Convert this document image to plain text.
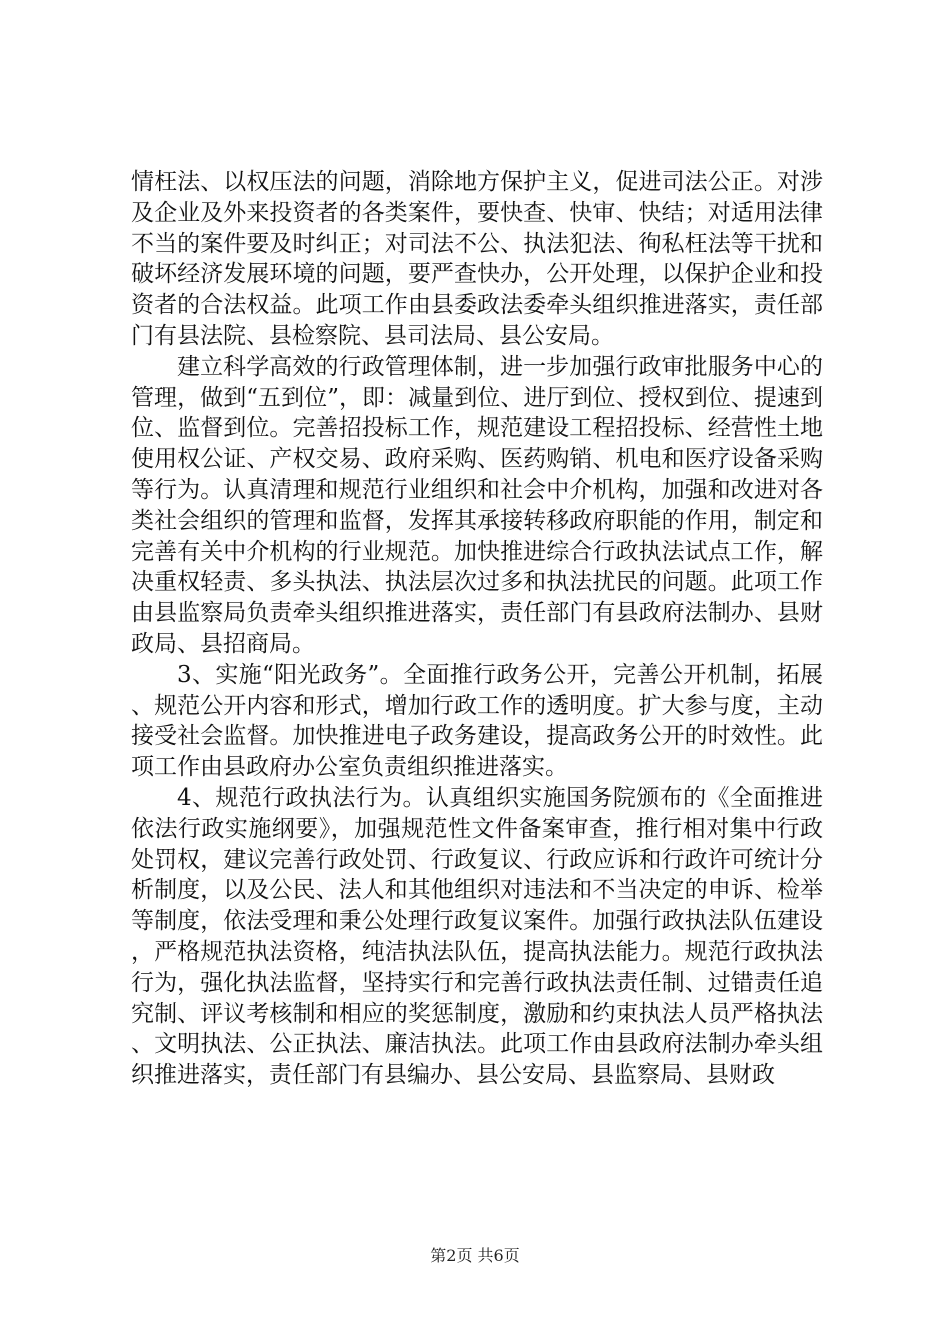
情枉法、以权压法的问题，消除地方保护主义，促进司法公正。对涉及企业及外来投资者的各类案件，要快查、快审、快结；对适用法律不当的案件要及时纠正；对司法不公、执法犯法、徇私枉法等干扰和破坏经济发展环境的问题，要严查快办，公开处理，以保护企业和投资者的合法权益。此项工作由县委政法委牵头组织推进落实，责任部门有县法院、县检察院、县司法局、县公安局。

建立科学高效的行政管理体制，进一步加强行政审批服务中心的管理，做到“五到位”，即：减量到位、进厅到位、授权到位、提速到位、监督到位。完善招投标工作，规范建设工程招投标、经营性土地使用权公证、产权交易、政府采购、医药购销、机电和医疗设备采购等行为。认真清理和规范行业组织和社会中介机构，加强和改进对各类社会组织的管理和监督，发挥其承接转移政府职能的作用，制定和完善有关中介机构的行业规范。加快推进综合行政执法试点工作，解决重权轻责、多头执法、执法层次过多和执法扰民的问题。此项工作由县监察局负责牵头组织推进落实，责任部门有县政府法制办、县财政局、县招商局。

3、实施“阳光政务”。全面推行政务公开，完善公开机制，拓展、规范公开内容和形式，增加行政工作的透明度。扩大参与度，主动接受社会监督。加快推进电子政务建设，提高政务公开的时效性。此项工作由县政府办公室负责组织推进落实。

4、规范行政执法行为。认真组织实施国务院颁布的《全面推进依法行政实施纲要》，加强规范性文件备案审查，推行相对集中行政处罚权，建议完善行政处罚、行政复议、行政应诉和行政许可统计分析制度，以及公民、法人和其他组织对违法和不当决定的申诉、检举等制度，依法受理和秉公处理行政复议案件。加强行政执法队伍建设，严格规范执法资格，纯洁执法队伍，提高执法能力。规范行政执法行为，强化执法监督，坚持实行和完善行政执法责任制、过错责任追究制、评议考核制和相应的奖惩制度，激励和约束执法人员严格执法、文明执法、公正执法、廉洁执法。此项工作由县政府法制办牵头组织推进落实，责任部门有县编办、县公安局、县监察局、县财政

第2页 共6页
